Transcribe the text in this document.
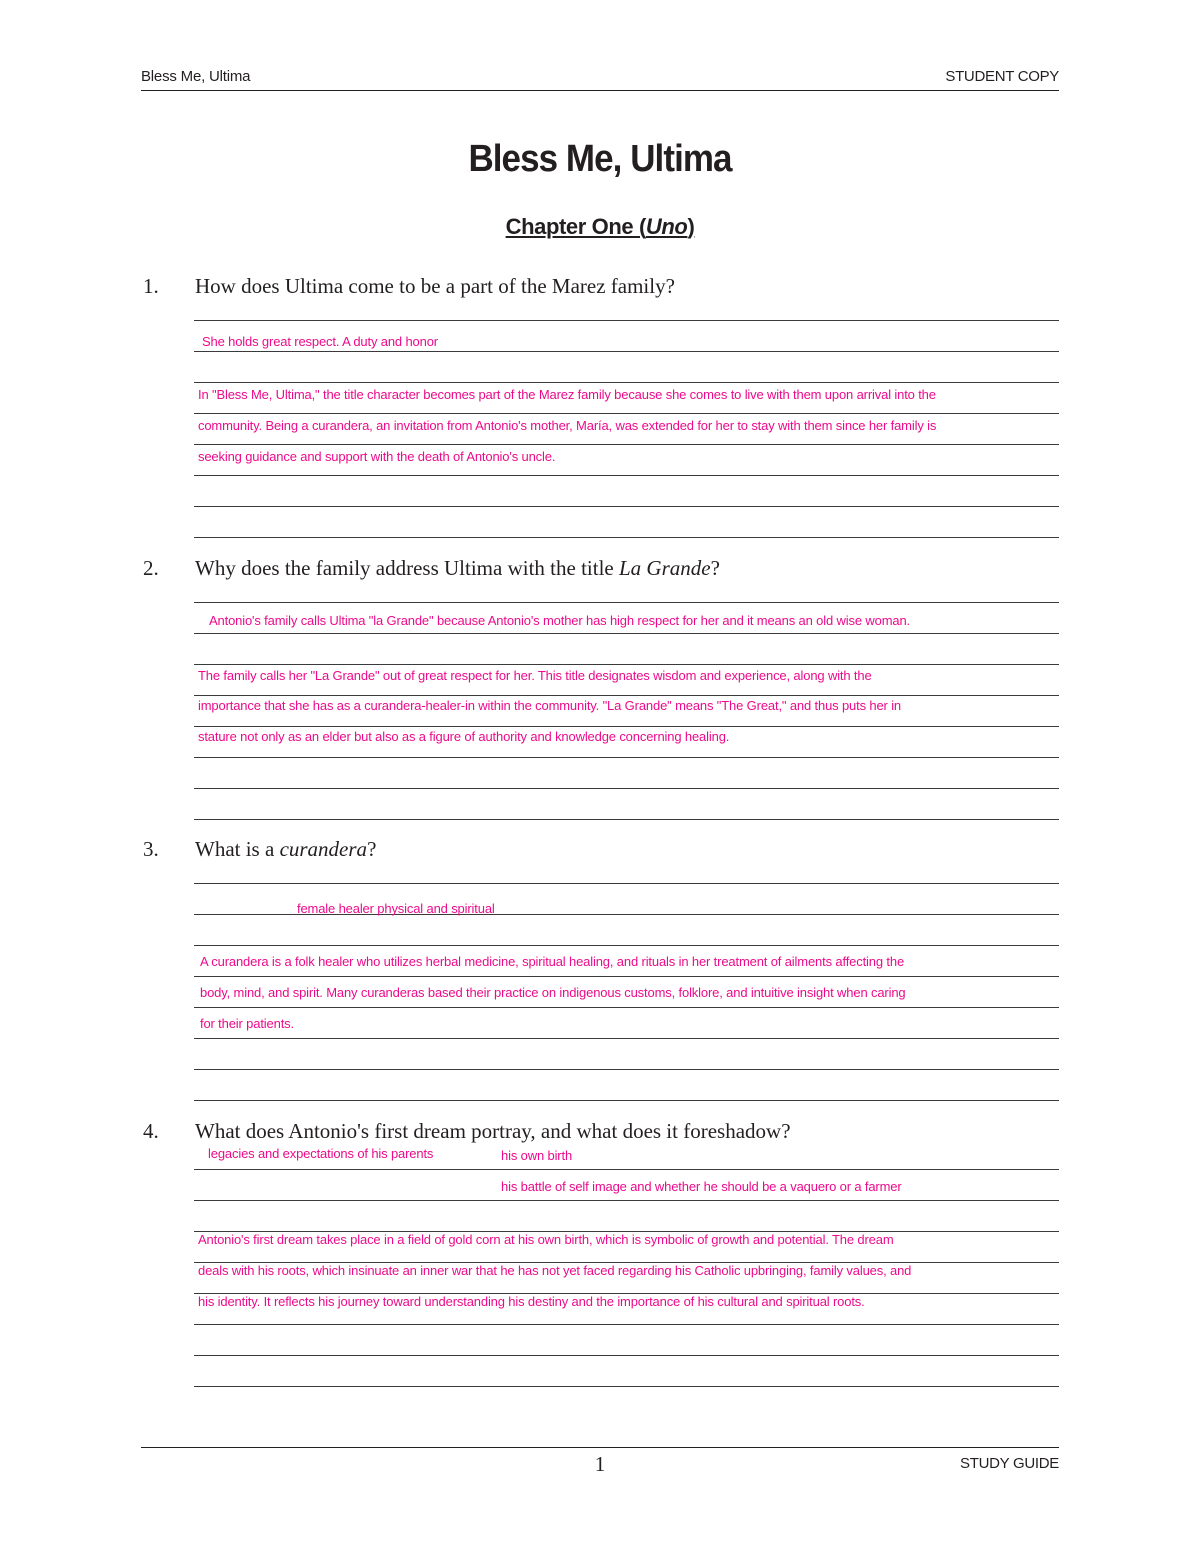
Bless Me, Ultima	STUDENT COPY
Bless Me, Ultima
Chapter One (Uno)
1. How does Ultima come to be a part of the Marez family?
She holds great respect. A duty and honor
In "Bless Me, Ultima," the title character becomes part of the Marez family because she comes to live with them upon arrival into the
community. Being a curandera, an invitation from Antonio's mother, María, was extended for her to stay with them since her family is
seeking guidance and support with the death of Antonio's uncle.
2. Why does the family address Ultima with the title La Grande?
Antonio's family calls Ultima "la Grande" because Antonio's mother has high respect for her and it means an old wise woman.
The family calls her "La Grande" out of great respect for her. This title designates wisdom and experience, along with the
importance that she has as a curandera-healer-in within the community. "La Grande" means "The Great," and thus puts her in
stature not only as an elder but also as a figure of authority and knowledge concerning healing.
3. What is a curandera?
female healer physical and spiritual
A curandera is a folk healer who utilizes herbal medicine, spiritual healing, and rituals in her treatment of ailments affecting the
body, mind, and spirit. Many curanderas based their practice on indigenous customs, folklore, and intuitive insight when caring
for their patients.
4. What does Antonio's first dream portray, and what does it foreshadow?
legacies and expectations of his parents	his own birth
his battle of self image and whether he should be a vaquero or a farmer
Antonio's first dream takes place in a field of gold corn at his own birth, which is symbolic of growth and potential. The dream
deals with his roots, which insinuate an inner war that he has not yet faced regarding his Catholic upbringing, family values, and
his identity. It reflects his journey toward understanding his destiny and the importance of his cultural and spiritual roots.
1	STUDY GUIDE
